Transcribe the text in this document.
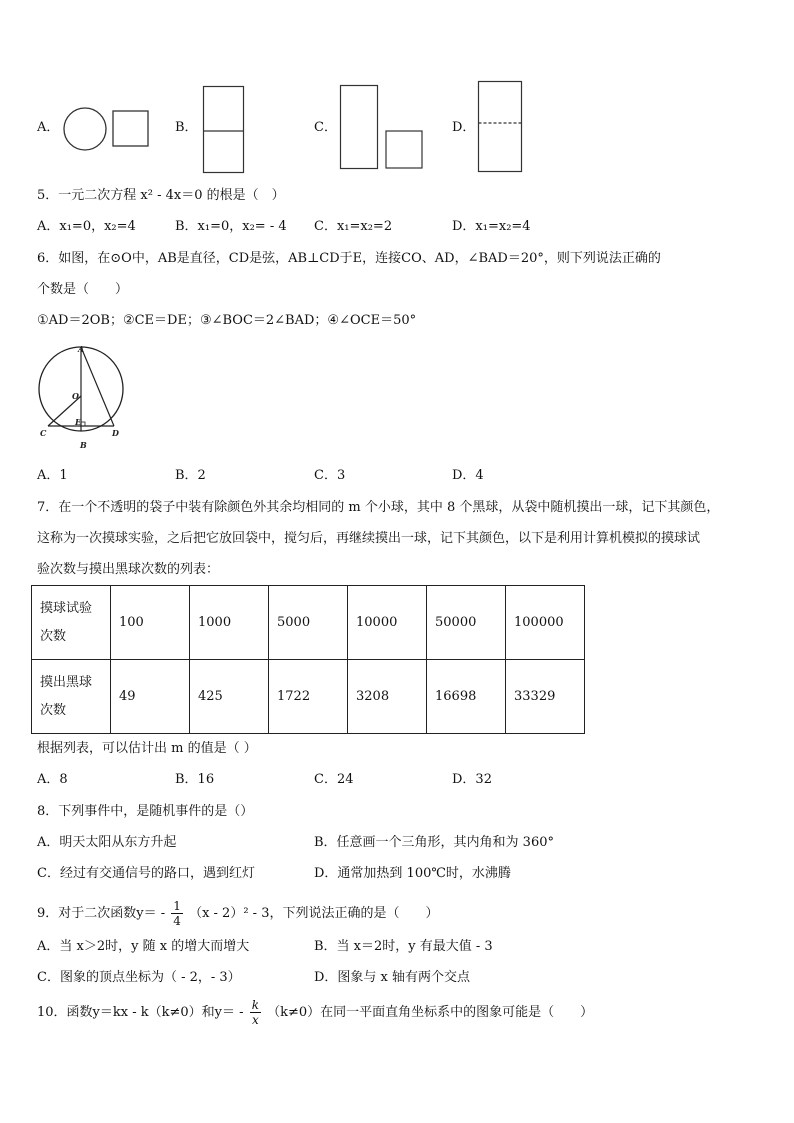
A．	B．	C．	D．
5．一元二次方程 x² - 4x＝0 的根是（　）
A．x₁=0，x₂=4	B．x₁=0，x₂= - 4 C．x₁=x₂=2	D．x₁=x₂=4
6．如图，在⊙O中，AB是直径，CD是弦，AB⊥CD于E，连接CO、AD，∠BAD＝20°，则下列说法正确的
个数是（　　）
①AD＝2OB；②CE＝DE；③∠BOC＝2∠BAD；④∠OCE＝50°
A
O
C
E
D
B
A．1	B．2	C．3	D．4
7．在一个不透明的袋子中装有除颜色外其余均相同的 m 个小球，其中 8 个黑球，从袋中随机摸出一球，记下其颜色，
这称为一次摸球实验，之后把它放回袋中，搅匀后，再继续摸出一球，记下其颜色，以下是利用计算机模拟的摸球试
验次数与摸出黑球次数的列表：
摸球试验
次数	100	1000	5000	10000	50000	100000
摸出黑球
次数	49	425	1722	3208	16698	33329
根据列表，可以估计出 m 的值是（ ）
A．8	B．16	C．24	D．32
8．下列事件中，是随机事件的是（）
A．明天太阳从东方升起	B．任意画一个三角形，其内角和为 360°
C．经过有交通信号的路口，遇到红灯	D．通常加热到 100℃时，水沸腾
9．对于二次函数$y= - \frac{1}{4} (x - 2)^2 - 3$，下列说法正确的是（　　）
A．当 x＞2时，y 随 x 的增大而增大	B．当 x＝2时，y 有最大值 - 3
C．图象的顶点坐标为（ - 2，- 3）	D．图象与 x 轴有两个交点
10．函数y＝kx - k（k≠0）和$y= - \frac{k}{x} (k\ne 0)$在同一平面直角坐标系中的图象可能是（　　）
